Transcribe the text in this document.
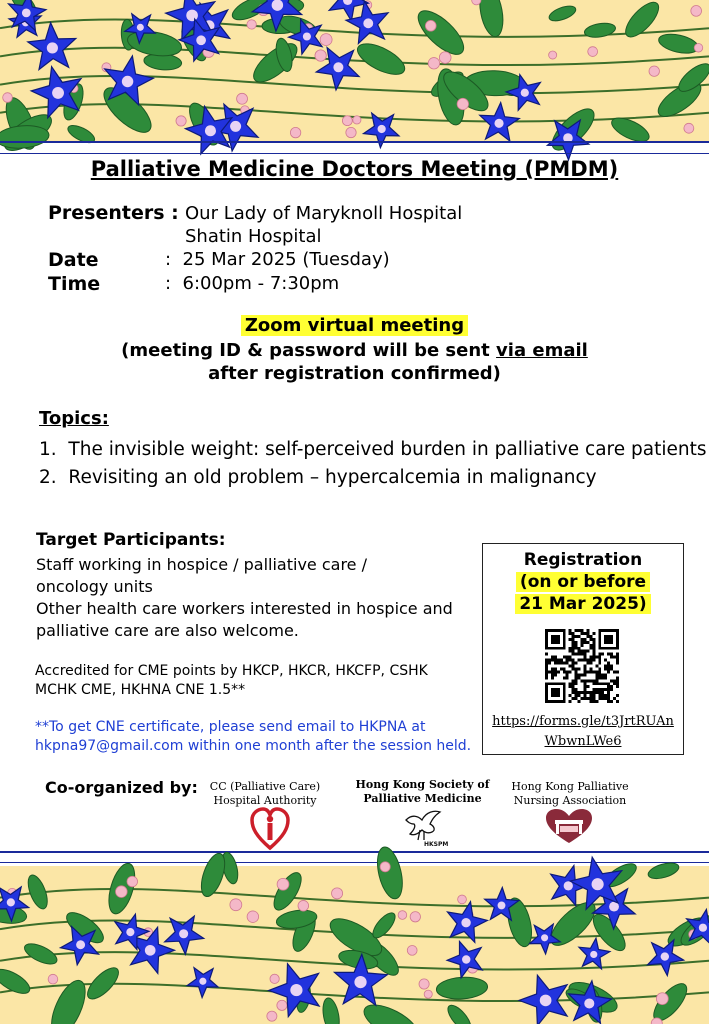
Palliative Medicine Doctors Meeting (PMDM)
Presenters : Our Lady of Maryknoll Hospital
Shatin Hospital
Date	:  25 Mar 2025 (Tuesday)
Time	:  6:00pm - 7:30pm
Zoom virtual meeting
(meeting ID & password will be sent via email
after registration confirmed)
Topics:
1. The invisible weight: self-perceived burden in palliative care patients
2. Revisiting an old problem – hypercalcemia in malignancy
Target Participants:
Staff working in hospice / palliative care /
oncology units
Other health care workers interested in hospice and
palliative care are also welcome.
Accredited for CME points by HKCP, HKCR, HKCFP, CSHK
MCHK CME, HKHNA CNE 1.5**
**To get CNE certificate, please send email to HKPNA at
hkpna97@gmail.com within one month after the session held.
Registration
(on or before
21 Mar 2025)
https://forms.gle/t3JrtRUAn
WbwnLWe6
Co-organized by:	CC (Palliative Care)
Hospital Authority
Hong Kong Society of
Palliative Medicine
HKSPM
Hong Kong Palliative
Nursing Association
